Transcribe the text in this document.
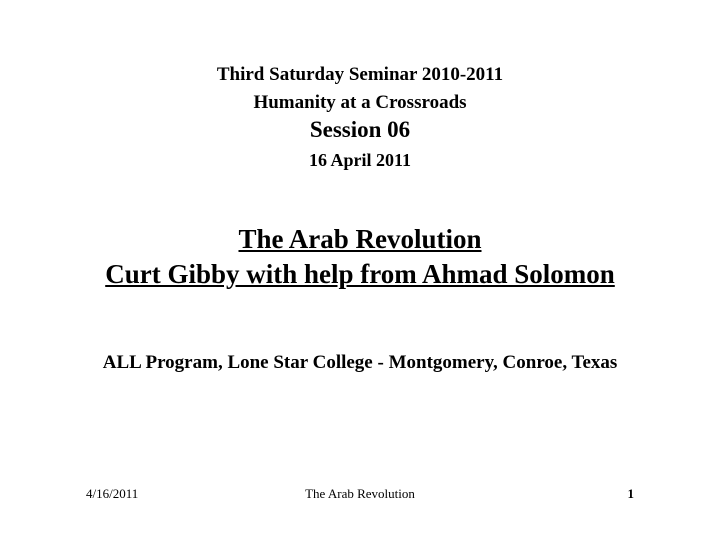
Third Saturday Seminar 2010-2011
Humanity at a Crossroads
Session 06
16 April 2011
The Arab Revolution
Curt Gibby with help from Ahmad Solomon
ALL Program, Lone Star College - Montgomery, Conroe, Texas
4/16/2011	The Arab Revolution	1
